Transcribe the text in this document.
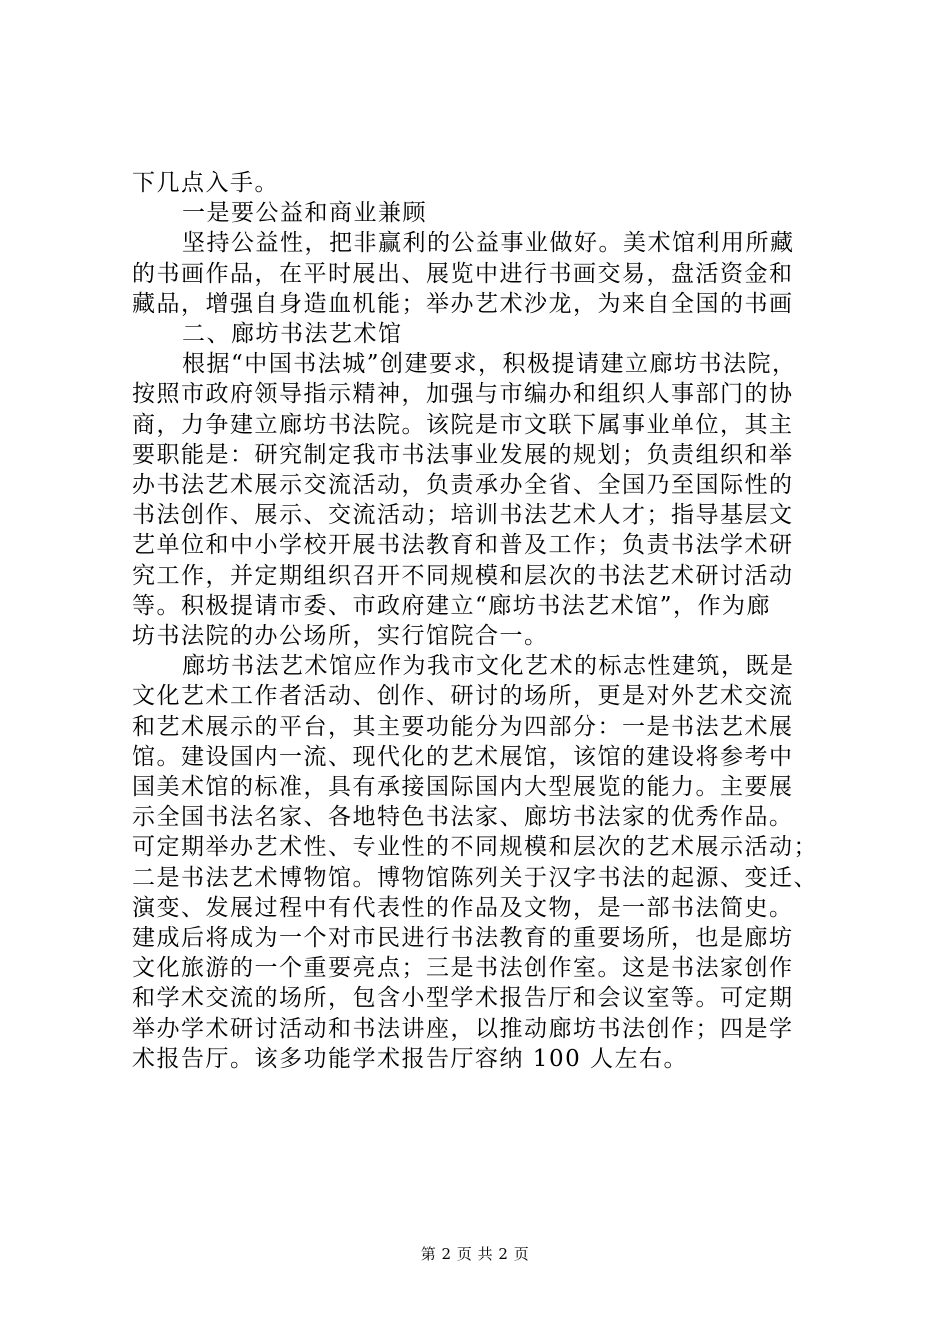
下几点入手。
一是要公益和商业兼顾
坚持公益性，把非赢利的公益事业做好。美术馆利用所藏
的书画作品，在平时展出、展览中进行书画交易，盘活资金和
藏品，增强自身造血机能；举办艺术沙龙，为来自全国的书画
二、廊坊书法艺术馆
根据“中国书法城”创建要求，积极提请建立廊坊书法院，
按照市政府领导指示精神，加强与市编办和组织人事部门的协
商，力争建立廊坊书法院。该院是市文联下属事业单位，其主
要职能是：研究制定我市书法事业发展的规划；负责组织和举
办书法艺术展示交流活动，负责承办全省、全国乃至国际性的
书法创作、展示、交流活动；培训书法艺术人才；指导基层文
艺单位和中小学校开展书法教育和普及工作；负责书法学术研
究工作，并定期组织召开不同规模和层次的书法艺术研讨活动
等。积极提请市委、市政府建立“廊坊书法艺术馆”，作为廊
坊书法院的办公场所，实行馆院合一。
廊坊书法艺术馆应作为我市文化艺术的标志性建筑，既是
文化艺术工作者活动、创作、研讨的场所，更是对外艺术交流
和艺术展示的平台，其主要功能分为四部分：一是书法艺术展
馆。建设国内一流、现代化的艺术展馆，该馆的建设将参考中
国美术馆的标准，具有承接国际国内大型展览的能力。主要展
示全国书法名家、各地特色书法家、廊坊书法家的优秀作品。
可定期举办艺术性、专业性的不同规模和层次的艺术展示活动；
二是书法艺术博物馆。博物馆陈列关于汉字书法的起源、变迁、
演变、发展过程中有代表性的作品及文物，是一部书法简史。
建成后将成为一个对市民进行书法教育的重要场所，也是廊坊
文化旅游的一个重要亮点；三是书法创作室。这是书法家创作
和学术交流的场所，包含小型学术报告厅和会议室等。可定期
举办学术研讨活动和书法讲座，以推动廊坊书法创作；四是学
术报告厅。该多功能学术报告厅容纳 100 人左右。
第 2 页 共 2 页
